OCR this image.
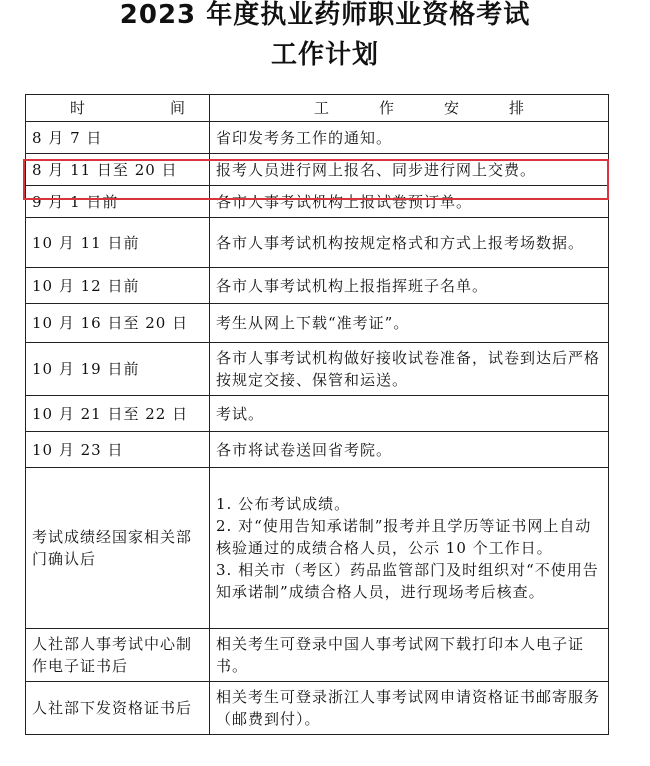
2023 年度执业药师职业资格考试
工作计划
时 间	工 作 安 排

8 月 7 日	省印发考务工作的通知。
8 月 11 日至 20 日	报考人员进行网上报名、同步进行网上交费。
9 月 1 日前	各市人事考试机构上报试卷预订单。
10 月 11 日前	各市人事考试机构按规定格式和方式上报考场数据。
10 月 12 日前	各市人事考试机构上报指挥班子名单。
10 月 16 日至 20 日	考生从网上下载“准考证”。
10 月 19 日前	各市人事考试机构做好接收试卷准备，试卷到达后严格按规定交接、保管和运送。
10 月 21 日至 22 日	考试。
10 月 23 日	各市将试卷送回省考院。
考试成绩经国家相关部门确认后	1. 公布考试成绩。
2. 对“使用告知承诺制”报考并且学历等证书网上自动核验通过的成绩合格人员，公示 10 个工作日。
3. 相关市（考区）药品监管部门及时组织对“不使用告知承诺制”成绩合格人员，进行现场考后核查。

人社部人事考试中心制作电子证书后	相关考生可登录中国人事考试网下载打印本人电子证书。
人社部下发资格证书后	相关考生可登录浙江人事考试网申请资格证书邮寄服务（邮费到付）。
